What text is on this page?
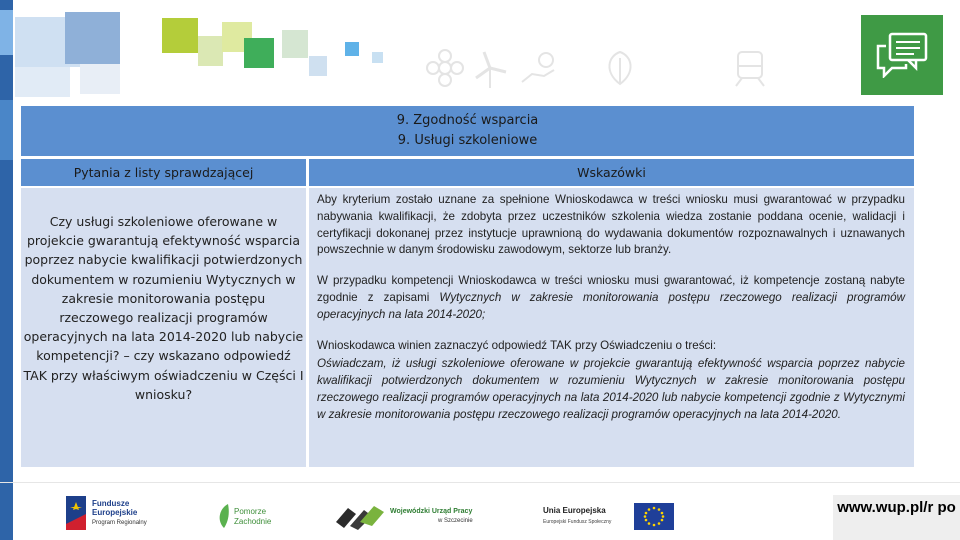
9. Zgodność wsparcia
9. Usługi szkoleniowe
Pytania z listy sprawdzającej	Wskazówki
Czy usługi szkoleniowe oferowane w projekcie gwarantują efektywność wsparcia poprzez nabycie kwalifikacji potwierdzonych dokumentem w rozumieniu Wytycznych w zakresie monitorowania postępu rzeczowego realizacji programów operacyjnych na lata 2014-2020 lub nabycie kompetencji? – czy wskazano odpowiedź TAK przy właściwym oświadczeniu w Części I wniosku?

Aby kryterium zostało uznane za spełnione Wnioskodawca w treści wniosku musi gwarantować w przypadku nabywania kwalifikacji, że zdobyta przez uczestników szkolenia wiedza zostanie poddana ocenie, walidacji i certyfikacji dokonanej przez instytucje uprawnioną do wydawania dokumentów rozpoznawalnych i uznawanych powszechnie w danym środowisku zawodowym, sektorze lub branży.

W przypadku kompetencji Wnioskodawca w treści wniosku musi gwarantować, iż kompetencje zostaną nabyte zgodnie z zapisami Wytycznych w zakresie monitorowania postępu rzeczowego realizacji programów operacyjnych na lata 2014-2020;

Wnioskodawca winien zaznaczyć odpowiedź TAK przy Oświadczeniu o treści:

Oświadczam, iż usługi szkoleniowe oferowane w projekcie gwarantują efektywność wsparcia poprzez nabycie kwalifikacji potwierdzonych dokumentem w rozumieniu Wytycznych w zakresie monitorowania postępu rzeczowego realizacji programów operacyjnych na lata 2014-2020 lub nabycie kompetencji zgodnie z Wytycznymi w zakresie monitorowania postępu rzeczowego realizacji programów operacyjnych na lata 2014-2020.

Fundusze
Europejskie
Program Regionalny
Pomorze
Zachodnie
Wojewódzki Urząd Pracy
w Szczecinie
Unia Europejska
Europejski Fundusz Społeczny
www.wup.pl/r po
